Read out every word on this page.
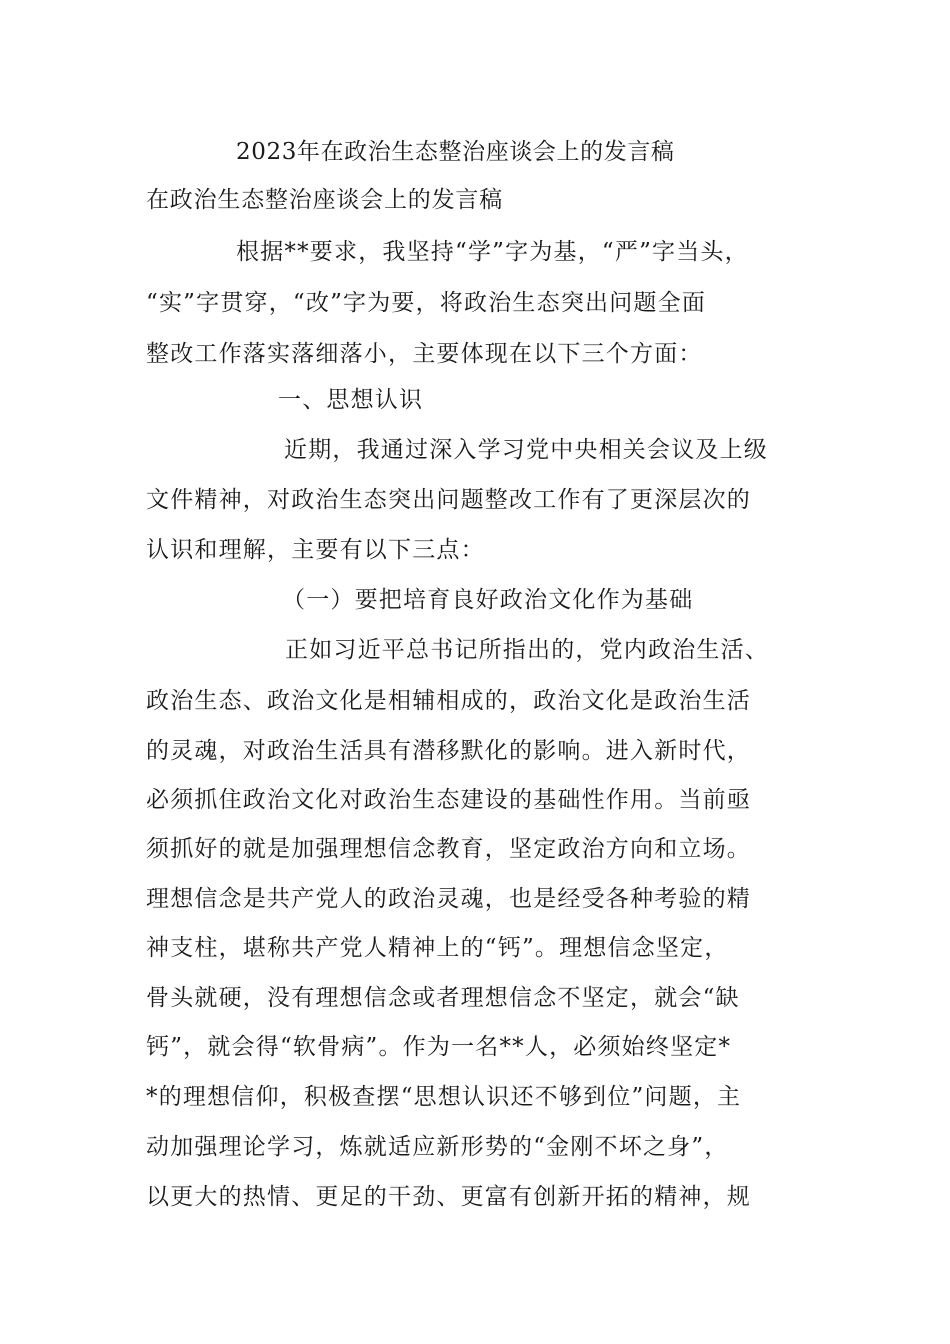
2023年在政治生态整治座谈会上的发言稿
在政治生态整治座谈会上的发言稿
根据**要求，我坚持“学”字为基，“严”字当头，
“实”字贯穿，“改”字为要，将政治生态突出问题全面
整改工作落实落细落小，主要体现在以下三个方面：
一、思想认识
近期，我通过深入学习党中央相关会议及上级
文件精神，对政治生态突出问题整改工作有了更深层次的
认识和理解，主要有以下三点：
（一）要把培育良好政治文化作为基础
正如习近平总书记所指出的，党内政治生活、
政治生态、政治文化是相辅相成的，政治文化是政治生活
的灵魂，对政治生活具有潜移默化的影响。进入新时代，
必须抓住政治文化对政治生态建设的基础性作用。当前亟
须抓好的就是加强理想信念教育，坚定政治方向和立场。
理想信念是共产党人的政治灵魂，也是经受各种考验的精
神支柱，堪称共产党人精神上的“钙”。理想信念坚定，
骨头就硬，没有理想信念或者理想信念不坚定，就会“缺
钙”，就会得“软骨病”。作为一名**人，必须始终坚定*
*的理想信仰，积极查摆“思想认识还不够到位”问题，主
动加强理论学习，炼就适应新形势的“金刚不坏之身”，
以更大的热情、更足的干劲、更富有创新开拓的精神，规
